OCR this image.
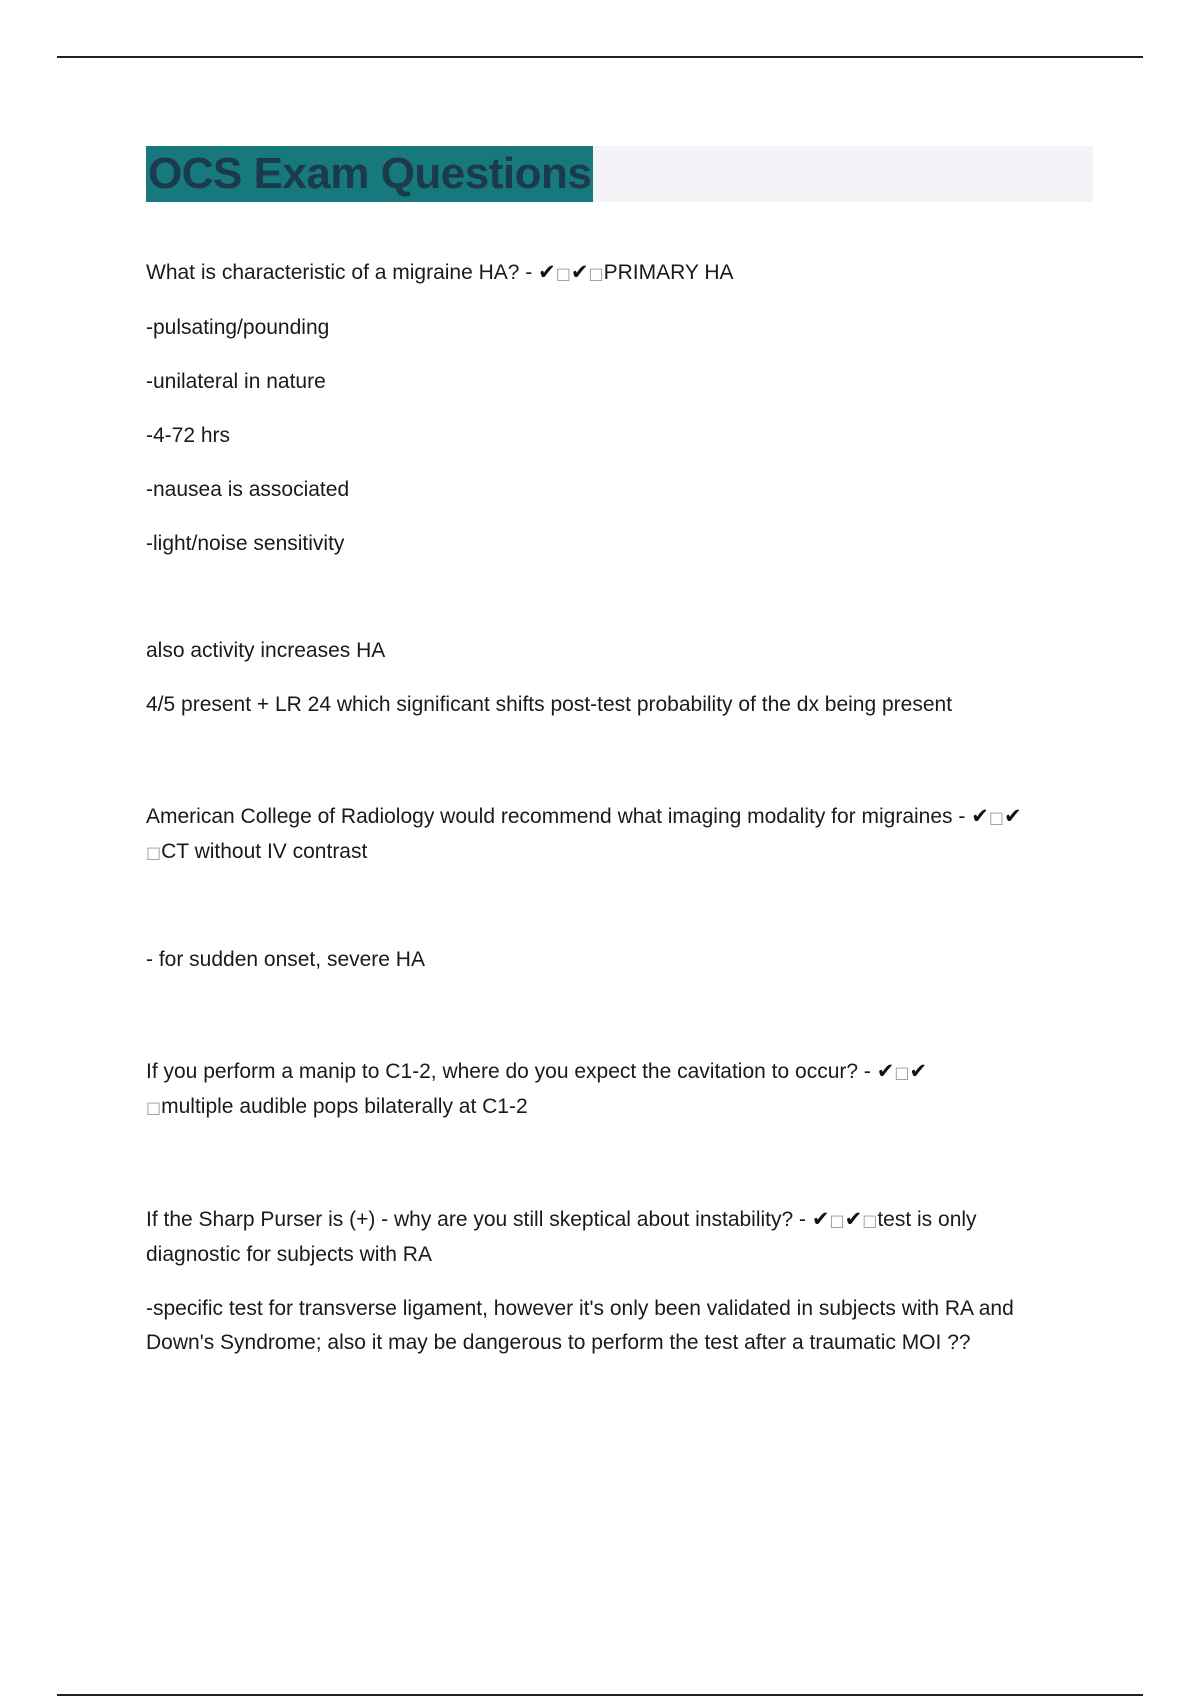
OCS Exam Questions

What is characteristic of a migraine HA? - ✔□✔□PRIMARY HA

-pulsating/pounding

-unilateral in nature

-4-72 hrs

-nausea is associated

-light/noise sensitivity

also activity increases HA

4/5 present + LR 24 which significant shifts post-test probability of the dx being present

American College of Radiology would recommend what imaging modality for migraines - ✔□✔
□CT without IV contrast

- for sudden onset, severe HA

If you perform a manip to C1-2, where do you expect the cavitation to occur? - ✔□✔
□multiple audible pops bilaterally at C1-2

If the Sharp Purser is (+) - why are you still skeptical about instability? - ✔□✔□test is only
diagnostic for subjects with RA

-specific test for transverse ligament, however it's only been validated in subjects with RA and
Down's Syndrome; also it may be dangerous to perform the test after a traumatic MOI ??
